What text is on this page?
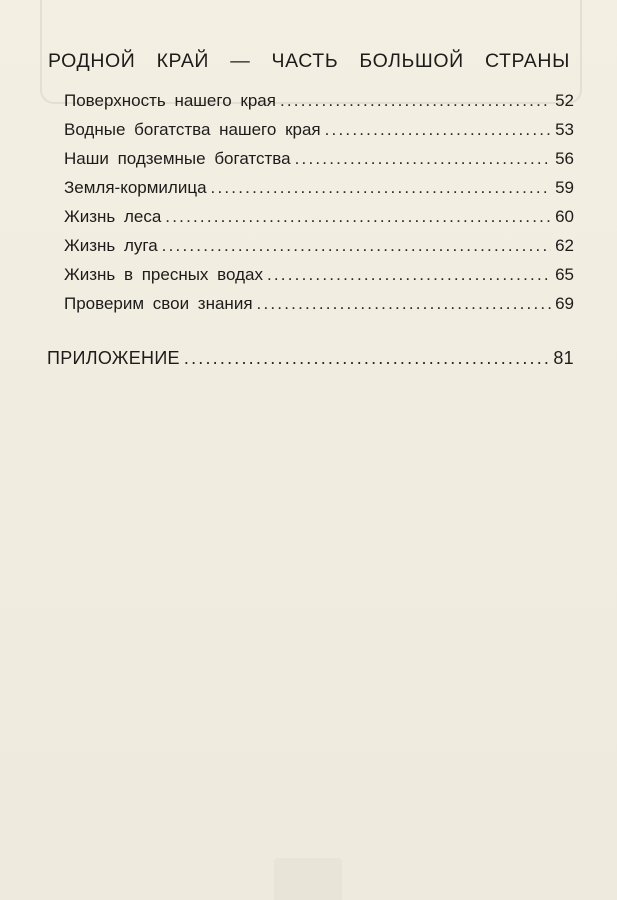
РОДНОЙ КРАЙ — ЧАСТЬ БОЛЬШОЙ СТРАНЫ
Поверхность нашего края .....	52
Водные богатства нашего края .....	53
Наши подземные богатства .....	56
Земля-кормилица .....	59
Жизнь леса .....	60
Жизнь луга .....	62
Жизнь в пресных водах .....	65
Проверим свои знания .....	69
ПРИЛОЖЕНИЕ .....	81
